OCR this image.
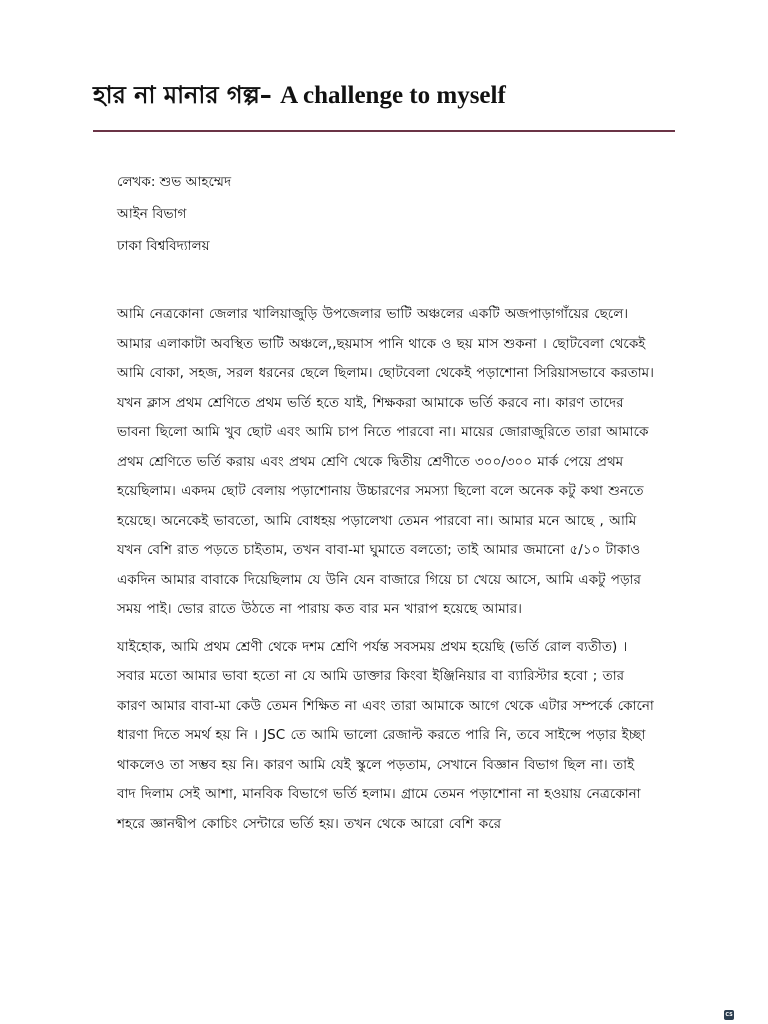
হার না মানার গল্প– A challenge to myself
লেখক: শুভ আহম্মেদ
আইন বিভাগ
ঢাকা বিশ্ববিদ্যালয়

আমি নেত্রকোনা জেলার খালিয়াজুড়ি উপজেলার ভাটি অঞ্চলের একটি অজপাড়াগাঁয়ের ছেলে। আমার এলাকাটা অবস্থিত ভাটি অঞ্চলে,,ছয়মাস পানি থাকে ও ছয় মাস শুকনা । ছোটবেলা থেকেই আমি বোকা, সহজ, সরল ধরনের ছেলে ছিলাম। ছোটবেলা থেকেই পড়াশোনা সিরিয়াসভাবে করতাম। যখন ক্লাস প্রথম শ্রেণিতে প্রথম ভর্তি হতে যাই, শিক্ষকরা আমাকে ভর্তি করবে না। কারণ তাদের ভাবনা ছিলো আমি খুব ছোট এবং আমি চাপ নিতে পারবো না। মায়ের জোরাজুরিতে তারা আমাকে প্রথম শ্রেণিতে ভর্তি করায় এবং প্রথম শ্রেণি থেকে দ্বিতীয় শ্রেণীতে ৩০০/৩০০ মার্ক পেয়ে প্রথম হয়েছিলাম। একদম ছোট বেলায় পড়াশোনায় উচ্চারণের সমস্যা ছিলো বলে অনেক কটু কথা শুনতে হয়েছে। অনেকেই ভাবতো, আমি বোধহয় পড়ালেখা তেমন পারবো না। আমার মনে আছে , আমি যখন বেশি রাত পড়তে চাইতাম, তখন বাবা-মা ঘুমাতে বলতো; তাই আমার জমানো ৫/১০ টাকাও একদিন আমার বাবাকে দিয়েছিলাম যে উনি যেন বাজারে গিয়ে চা খেয়ে আসে, আমি একটু পড়ার সময় পাই। ভোর রাতে উঠতে না পারায় কত বার মন খারাপ হয়েছে আমার।

যাইহোক, আমি প্রথম শ্রেণী থেকে দশম শ্রেণি পর্যন্ত সবসময় প্রথম হয়েছি (ভর্তি রোল ব্যতীত) । সবার মতো আমার ভাবা হতো না যে আমি ডাক্তার কিংবা ইঞ্জিনিয়ার বা ব্যারিস্টার হবো ; তার কারণ আমার বাবা-মা কেউ তেমন শিক্ষিত না এবং তারা আমাকে আগে থেকে এটার সম্পর্কে কোনো ধারণা দিতে সমর্থ হয় নি । JSC তে আমি ভালো রেজাল্ট করতে পারি নি, তবে সাইন্সে পড়ার ইচ্ছা থাকলেও তা সম্ভব হয় নি। কারণ আমি যেই স্কুলে পড়তাম, সেখানে বিজ্ঞান বিভাগ ছিল না। তাই বাদ দিলাম সেই আশা, মানবিক বিভাগে ভর্তি হলাম। গ্রামে তেমন পড়াশোনা না হওয়ায় নেত্রকোনা শহরে জ্ঞানদ্বীপ কোচিং সেন্টারে ভর্তি হয়। তখন থেকে আরো বেশি করে

CS
